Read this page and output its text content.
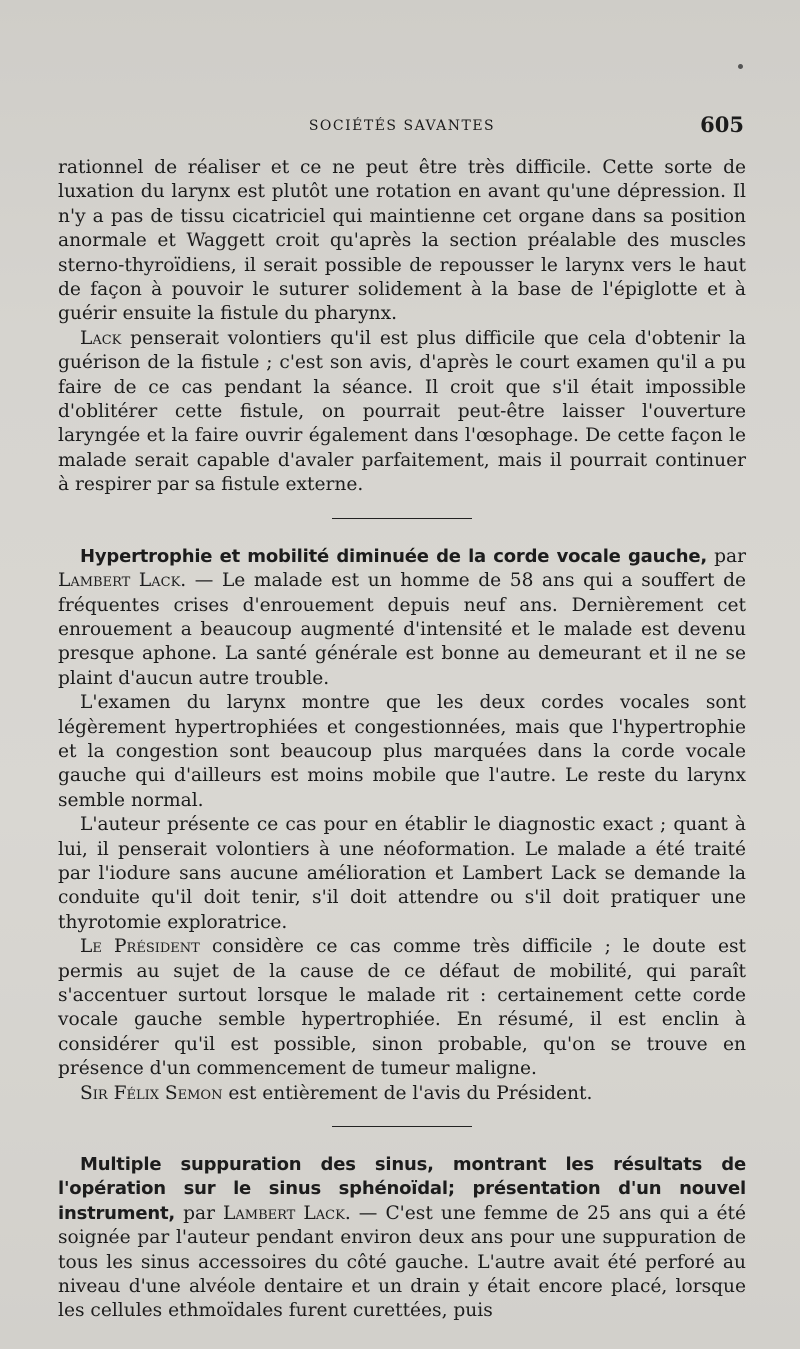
SOCIÉTÉS SAVANTES	605

rationnel de réaliser et ce ne peut être très difficile. Cette sorte de luxation du larynx est plutôt une rotation en avant qu'une dépression. Il n'y a pas de tissu cicatriciel qui maintienne cet organe dans sa position anormale et Waggett croit qu'après la section préalable des muscles sterno-thyroïdiens, il serait possible de repousser le larynx vers le haut de façon à pouvoir le suturer solidement à la base de l'épiglotte et à guérir ensuite la fistule du pharynx.

Lack penserait volontiers qu'il est plus difficile que cela d'obtenir la guérison de la fistule ; c'est son avis, d'après le court examen qu'il a pu faire de ce cas pendant la séance. Il croit que s'il était impossible d'oblitérer cette fistule, on pourrait peut-être laisser l'ouverture laryngée et la faire ouvrir également dans l'œsophage. De cette façon le malade serait capable d'avaler parfaitement, mais il pourrait continuer à respirer par sa fistule externe.

Hypertrophie et mobilité diminuée de la corde vocale gauche, par Lambert Lack. — Le malade est un homme de 58 ans qui a souffert de fréquentes crises d'enrouement depuis neuf ans. Dernièrement cet enrouement a beaucoup augmenté d'intensité et le malade est devenu presque aphone. La santé générale est bonne au demeurant et il ne se plaint d'aucun autre trouble.

L'examen du larynx montre que les deux cordes vocales sont légèrement hypertrophiées et congestionnées, mais que l'hypertrophie et la congestion sont beaucoup plus marquées dans la corde vocale gauche qui d'ailleurs est moins mobile que l'autre. Le reste du larynx semble normal.

L'auteur présente ce cas pour en établir le diagnostic exact ; quant à lui, il penserait volontiers à une néoformation. Le malade a été traité par l'iodure sans aucune amélioration et Lambert Lack se demande la conduite qu'il doit tenir, s'il doit attendre ou s'il doit pratiquer une thyrotomie exploratrice.

Le Président considère ce cas comme très difficile ; le doute est permis au sujet de la cause de ce défaut de mobilité, qui paraît s'accentuer surtout lorsque le malade rit : certainement cette corde vocale gauche semble hypertrophiée. En résumé, il est enclin à considérer qu'il est possible, sinon probable, qu'on se trouve en présence d'un commencement de tumeur maligne.

Sir Félix Semon est entièrement de l'avis du Président.

Multiple suppuration des sinus, montrant les résultats de l'opération sur le sinus sphénoïdal; présentation d'un nouvel instrument, par Lambert Lack. — C'est une femme de 25 ans qui a été soignée par l'auteur pendant environ deux ans pour une suppuration de tous les sinus accessoires du côté gauche. L'autre avait été perforé au niveau d'une alvéole dentaire et un drain y était encore placé, lorsque les cellules ethmoïdales furent curettées, puis
